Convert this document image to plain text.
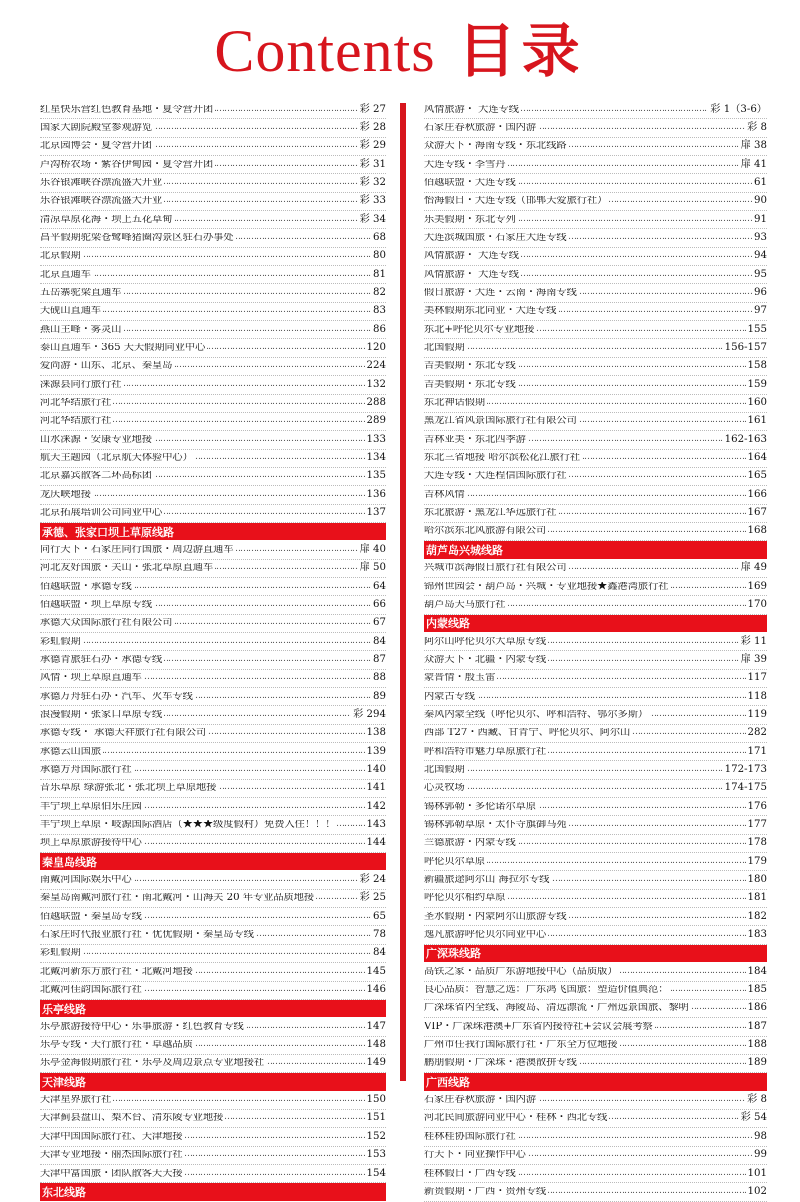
Contents 目录
红星快乐营红色教育基地・夏令营开团 ……………………………………………………………………………………………………………………………	彩 27
国家大剧院殿堂参观游览 ……………………………………………………………………………………………………………………………	彩 28
北京园博会・夏令营开团 ……………………………………………………………………………………………………………………………	彩 29
卢沟桥农场・紫谷伊甸园・夏令营开团 ……………………………………………………………………………………………………………………………	彩 31
乐谷银滩峡谷漂流盛大开业 ……………………………………………………………………………………………………………………………	彩 32
乐谷银滩峡谷漂流盛大开业 ……………………………………………………………………………………………………………………………	彩 33
清凉草原花海・坝上五花草甸 ……………………………………………………………………………………………………………………………	彩 34
昌平假期驼梁苍鹭峰猪圈沟景区驻石办事处 ……………………………………………………………………………………………………………………………	68
北京假期 ……………………………………………………………………………………………………………………………	80
北京直通车 ……………………………………………………………………………………………………………………………	81
五岳寨驼梁直通车 ……………………………………………………………………………………………………………………………	82
天砚山直通车 ……………………………………………………………………………………………………………………………	83
燕山主峰・雾灵山 ……………………………………………………………………………………………………………………………	86
泰山直通车・365 天天假期同业中心 ……………………………………………………………………………………………………………………………	120
爱尚游・山东、北京、秦皇岛 ……………………………………………………………………………………………………………………………	224
涞源县同行旅行社 ……………………………………………………………………………………………………………………………	132
河北华结旅行社 ……………………………………………………………………………………………………………………………	288
河北华结旅行社 ……………………………………………………………………………………………………………………………	289
山水涞源・安康专业地接 ……………………………………………………………………………………………………………………………	133
航天主题园（北京航天体验中心） ……………………………………………………………………………………………………………………………	134
北京嘉宾散客二环高标团 ……………………………………………………………………………………………………………………………	135
龙庆峡地接 ……………………………………………………………………………………………………………………………	136
北京拓展培训公司同业中心 ……………………………………………………………………………………………………………………………	137
承德、张家口坝上草原线路
同行天下・石家庄同行国旅・周边游直通车 ……………………………………………………………………………………………………………………………	扉 40
河北友好国旅・关山・张北草原直通车 ……………………………………………………………………………………………………………………………	扉 50
佰越联盟・承德专线 ……………………………………………………………………………………………………………………………	64
佰越联盟・坝上草原专线 ……………………………………………………………………………………………………………………………	66
承德大众国际旅行社有限公司 ……………………………………………………………………………………………………………………………	67
彩虹假期 ……………………………………………………………………………………………………………………………	84
承德青旅驻石办・承德专线 ……………………………………………………………………………………………………………………………	87
风情・坝上草原直通车 ……………………………………………………………………………………………………………………………	88
承德万舟驻石办・汽车、火车专线 ……………………………………………………………………………………………………………………………	89
浪漫假期・张家口草原专线 ……………………………………………………………………………………………………………………………	彩 294
承德专线・ 承德天祥旅行社有限公司 ……………………………………………………………………………………………………………………………	138
承德云山国旅 ……………………………………………………………………………………………………………………………	139
承德方舟国际旅行社 ……………………………………………………………………………………………………………………………	140
音乐草原 绿游张北・张北坝上草原地接 ……………………………………………………………………………………………………………………………	141
丰宁坝上草原伯乐庄园 ……………………………………………………………………………………………………………………………	142
丰宁坝上草原・岐源国际酒店（★★★级度假村）免费入住！！！ ……………………………………………………………………………………………………………………………	143
坝上草原旅游接待中心 ……………………………………………………………………………………………………………………………	144
秦皇岛线路
南戴河国际娱乐中心 ……………………………………………………………………………………………………………………………	彩 24
秦皇岛南戴河旅行社・南北戴河・山海关 20 年专业品质地接 ……………………………………………………………………………………………………………………………	彩 25
佰越联盟・秦皇岛专线 ……………………………………………………………………………………………………………………………	65
石家庄时代报业旅行社・优优假期・秦皇岛专线 ……………………………………………………………………………………………………………………………	78
彩虹假期 ……………………………………………………………………………………………………………………………	84
北戴河新东方旅行社・北戴河地接 ……………………………………………………………………………………………………………………………	145
北戴河佳韵国际旅行社 ……………………………………………………………………………………………………………………………	146
乐亭线路
乐亭旅游接待中心・乐事旅游・红色教育专线 ……………………………………………………………………………………………………………………………	147
乐亭专线・天行旅行社・卓越品质 ……………………………………………………………………………………………………………………………	148
乐亭金海假期旅行社・乐亭及周边景点专业地接社 ……………………………………………………………………………………………………………………………	149
天津线路
天津星界旅行社 ……………………………………………………………………………………………………………………………	150
天津蓟县盘山、梨木台、清东陵专业地接 ……………………………………………………………………………………………………………………………	151
天津中国国际旅行社、天津地接 ……………………………………………………………………………………………………………………………	152
天津专业地接・丽杰国际旅行社 ……………………………………………………………………………………………………………………………	153
天津中富国旅・团队散客天天接 ……………………………………………………………………………………………………………………………	154
东北线路
风情旅游・ 大连专线 ……………………………………………………………………………………………………………………………	彩 1（3-6）
石家庄春秋旅游・国内游 ……………………………………………………………………………………………………………………………	彩 8
众游天下・海南专线・东北线路 ……………………………………………………………………………………………………………………………	扉 38
大连专线・李雪丹 ……………………………………………………………………………………………………………………………	扉 41
佰越联盟・大连专线 ……………………………………………………………………………………………………………………………	61
怡海假日・大连专线（邯郸天爱旅行社） ……………………………………………………………………………………………………………………………	90
乐美假期・东北专列 ……………………………………………………………………………………………………………………………	91
大连滨城国旅・石家庄大连专线 ……………………………………………………………………………………………………………………………	93
风情旅游・ 大连专线 ……………………………………………………………………………………………………………………………	94
风情旅游・ 大连专线 ……………………………………………………………………………………………………………………………	95
假日旅游・大连・云南・海南专线 ……………………………………………………………………………………………………………………………	96
美林假期东北同业・大连专线 ……………………………………………………………………………………………………………………………	97
东北+呼伦贝尔专业地接 ……………………………………………………………………………………………………………………………	155
北国假期 ……………………………………………………………………………………………………………………………	156-157
吉美假期・东北专线 ……………………………………………………………………………………………………………………………	158
吉美假期・东北专线 ……………………………………………………………………………………………………………………………	159
东北神话假期 ……………………………………………………………………………………………………………………………	160
黑龙江省风景国际旅行社有限公司 ……………………………………………………………………………………………………………………………	161
吉林亚美・东北四季游 ……………………………………………………………………………………………………………………………	162-163
东北三省地接 哈尔滨松花江旅行社 ……………………………………………………………………………………………………………………………	164
大连专线・大连程信国际旅行社 ……………………………………………………………………………………………………………………………	165
吉林风情 ……………………………………………………………………………………………………………………………	166
东北旅游・黑龙江华远旅行社 ……………………………………………………………………………………………………………………………	167
哈尔滨东北风旅游有限公司 ……………………………………………………………………………………………………………………………	168
葫芦岛兴城线路
兴城市滨海假日旅行社有限公司 ……………………………………………………………………………………………………………………………	扉 49
锦州世园会・葫芦岛・兴城・专业地接★鑫港湾旅行社 ……………………………………………………………………………………………………………………………	169
葫芦岛天马旅行社 ……………………………………………………………………………………………………………………………	170
内蒙线路
阿尔山呼伦贝尔大草原专线 ……………………………………………………………………………………………………………………………	彩 11
众游天下・北疆・内蒙专线 ……………………………………………………………………………………………………………………………	扉 39
蒙晋情・殷玉雷 ……………………………………………………………………………………………………………………………	117
内蒙古专线 ……………………………………………………………………………………………………………………………	118
秦风内蒙全线（呼伦贝尔、呼和浩特、鄂尔多斯） ……………………………………………………………………………………………………………………………	119
西部 T27・西藏、甘青宁、呼伦贝尔、阿尔山 ……………………………………………………………………………………………………………………………	282
呼和浩特市魅力草原旅行社 ……………………………………………………………………………………………………………………………	171
北国假期 ……………………………………………………………………………………………………………………………	172-173
心灵牧场 ……………………………………………………………………………………………………………………………	174-175
锡林郭勒・多伦诺尔草原 ……………………………………………………………………………………………………………………………	176
锡林郭勒草原・太仆寺旗御马苑 ……………………………………………………………………………………………………………………………	177
兰德旅游・内蒙专线 ……………………………………………………………………………………………………………………………	178
呼伦贝尔草原 ……………………………………………………………………………………………………………………………	179
新疆旅途阿尔山 海拉尔专线 ……………………………………………………………………………………………………………………………	180
呼伦贝尔相约草原 ……………………………………………………………………………………………………………………………	181
圣水假期・内蒙阿尔山旅游专线 ……………………………………………………………………………………………………………………………	182
逸凡旅游呼伦贝尔同业中心 ……………………………………………………………………………………………………………………………	183
广深珠线路
高铁之家・品质广东游地接中心（品质版） ……………………………………………………………………………………………………………………………	184
良心品质：智慧之选：广东鸿飞国旅：塑造价值典范： ……………………………………………………………………………………………………………………………	185
广深珠省内全线、海陵岛、清远漂流・广州远景国旅、黎明 ……………………………………………………………………………………………………………………………	186
VIP・广深珠港澳+广东省内接待社+会议会展考察 ……………………………………………………………………………………………………………………………	187
广州市任我行国际旅行社・广东全方位地接 ……………………………………………………………………………………………………………………………	188
鹏朋假期・广深珠・港澳散拼专线 ……………………………………………………………………………………………………………………………	189
广西线路
石家庄春秋旅游・国内游 ……………………………………………………………………………………………………………………………	彩 8
河北民间旅游同业中心・桂林・西北专线 ……………………………………………………………………………………………………………………………	彩 54
桂林桂协国际旅行社 ……………………………………………………………………………………………………………………………	98
行天下・同业操作中心 ……………………………………………………………………………………………………………………………	99
桂林假日・广西专线 ……………………………………………………………………………………………………………………………	101
新贵假期・广西・贵州专线 ……………………………………………………………………………………………………………………………	102
